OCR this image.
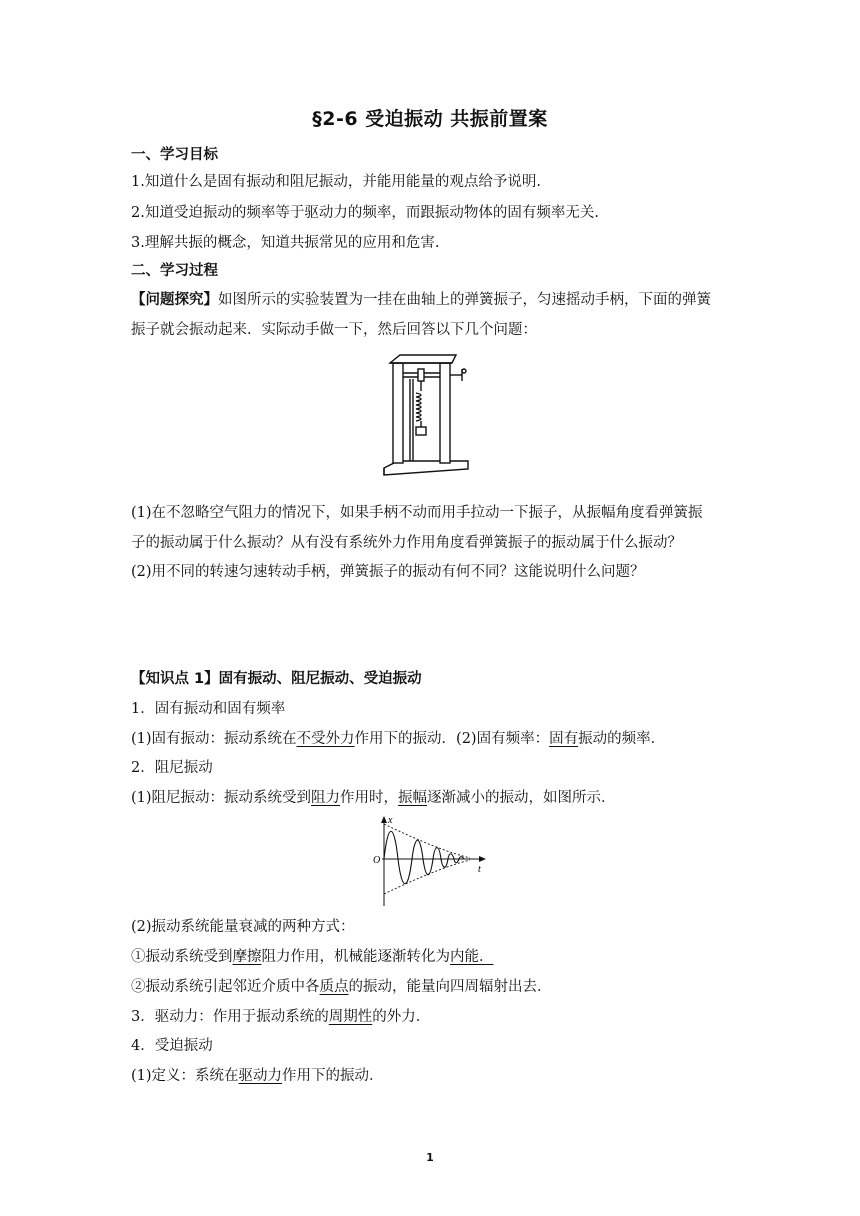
§2-6 受迫振动 共振前置案
一、学习目标
1.知道什么是固有振动和阻尼振动，并能用能量的观点给予说明.
2.知道受迫振动的频率等于驱动力的频率，而跟振动物体的固有频率无关.
3.理解共振的概念，知道共振常见的应用和危害.
二、学习过程
【问题探究】如图所示的实验装置为一挂在曲轴上的弹簧振子，匀速摇动手柄，下面的弹簧
振子就会振动起来．实际动手做一下，然后回答以下几个问题：
(1)在不忽略空气阻力的情况下，如果手柄不动而用手拉动一下振子，从振幅角度看弹簧振
子的振动属于什么振动？从有没有系统外力作用角度看弹簧振子的振动属于什么振动？
(2)用不同的转速匀速转动手柄，弹簧振子的振动有何不同？这能说明什么问题？
【知识点 1】固有振动、阻尼振动、受迫振动
1．固有振动和固有频率
(1)固有振动：振动系统在不受外力作用下的振动．(2)固有频率：固有振动的频率．
2．阻尼振动
(1)阻尼振动：振动系统受到阻力作用时，振幅逐渐减小的振动，如图所示．
x
O
t
(2)振动系统能量衰减的两种方式：
①振动系统受到摩擦阻力作用，机械能逐渐转化为内能．
②振动系统引起邻近介质中各质点的振动，能量向四周辐射出去．
3．驱动力：作用于振动系统的周期性的外力．
4．受迫振动
(1)定义：系统在驱动力作用下的振动．
1
